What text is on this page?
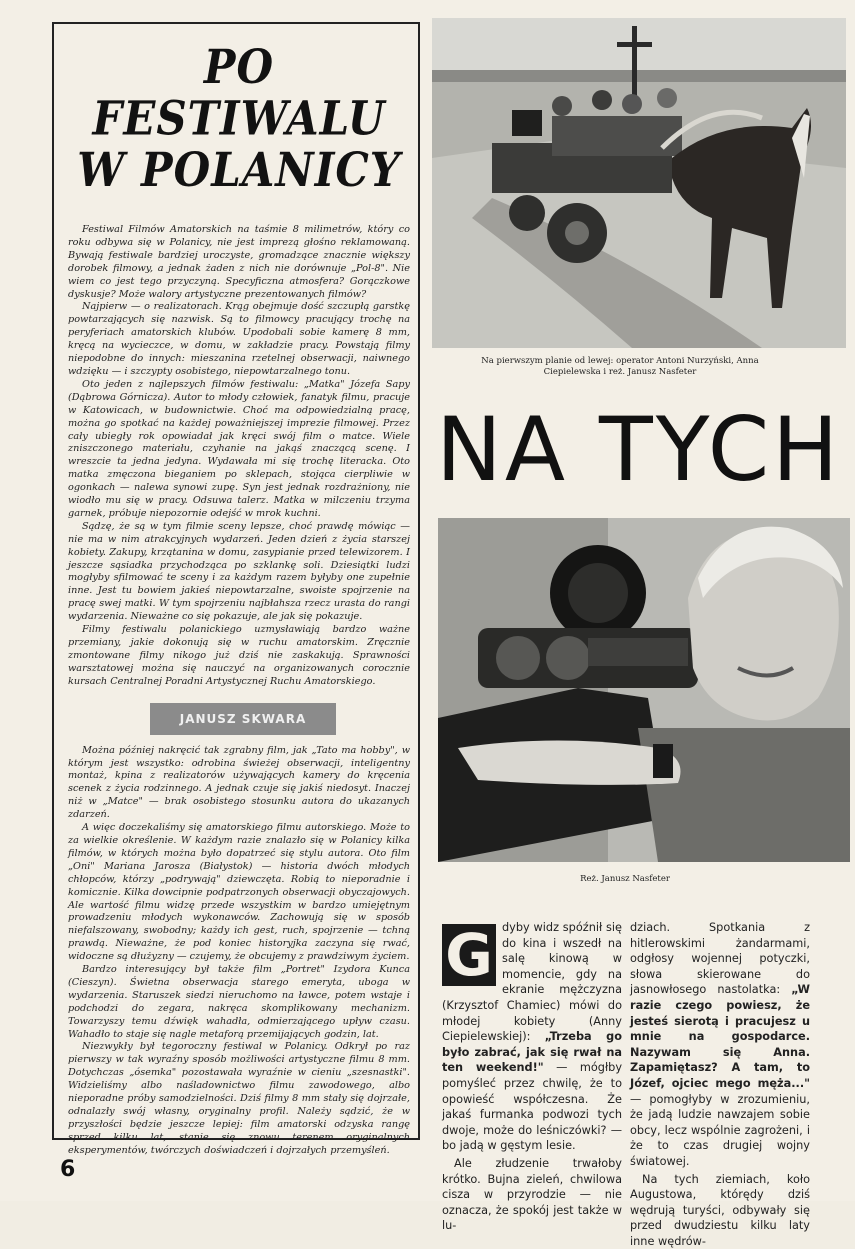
PO FESTIWALU
W POLANICY

Festiwal Filmów Amatorskich na taśmie 8 milimetrów, który co roku odbywa się w Polanicy, nie jest imprezą głośno reklamowaną. Bywają festiwale bardziej uroczyste, gromadzące znacznie większy dorobek filmowy, a jednak żaden z nich nie dorównuje „Pol-8". Nie wiem co jest tego przyczyną. Specyficzna atmosfera? Gorączkowe dyskusje? Może walory artystyczne prezentowanych filmów?

Najpierw — o realizatorach. Krąg obejmuje dość szczupłą garstkę powtarzających się nazwisk. Są to filmowcy pracujący trochę na peryferiach amatorskich klubów. Upodobali sobie kamerę 8 mm, kręcą na wycieczce, w domu, w zakładzie pracy. Powstają filmy niepodobne do innych: mieszanina rzetelnej obserwacji, naiwnego wdzięku — i szczypty osobistego, niepowtarzalnego tonu.

Oto jeden z najlepszych filmów festiwalu: „Matka" Józefa Sapy (Dąbrowa Górnicza). Autor to młody człowiek, fanatyk filmu, pracuje w Katowicach, w budownictwie. Choć ma odpowiedzialną pracę, można go spotkać na każdej poważniejszej imprezie filmowej. Przez cały ubiegły rok opowiadał jak kręci swój film o matce. Wiele zniszczonego materiału, czyhanie na jakąś znaczącą scenę. I wreszcie ta jedna jedyna. Wydawała mi się trochę literacka. Oto matka zmęczona bieganiem po sklepach, stojąca cierpliwie w ogonkach — nalewa synowi zupę. Syn jest jednak rozdrażniony, nie wiodło mu się w pracy. Odsuwa talerz. Matka w milczeniu trzyma garnek, próbuje niepozornie odejść w mrok kuchni.

Sądzę, że są w tym filmie sceny lepsze, choć prawdę mówiąc — nie ma w nim atrakcyjnych wydarzeń. Jeden dzień z życia starszej kobiety. Zakupy, krzątanina w domu, zasypianie przed telewizorem. I jeszcze sąsiadka przychodząca po szklankę soli. Dziesiątki ludzi mogłyby sfilmować te sceny i za każdym razem byłyby one zupełnie inne. Jest tu bowiem jakieś niepowtarzalne, swoiste spojrzenie na pracę swej matki. W tym spojrzeniu najbłahsza rzecz urasta do rangi wydarzenia. Nieważne co się pokazuje, ale jak się pokazuje.

Filmy festiwalu polanickiego uzmysławiają bardzo ważne przemiany, jakie dokonują się w ruchu amatorskim. Zręcznie zmontowane filmy nikogo już dziś nie zaskakują. Sprawności warsztatowej można się nauczyć na organizowanych corocznie kursach Centralnej Poradni Artystycznej Ruchu Amatorskiego.

JANUSZ SKWARA

Można później nakręcić tak zgrabny film, jak „Tato ma hobby", w którym jest wszystko: odrobina świeżej obserwacji, inteligentny montaż, kpina z realizatorów używających kamery do kręcenia scenek z życia rodzinnego. A jednak czuje się jakiś niedosyt. Inaczej niż w „Matce" — brak osobistego stosunku autora do ukazanych zdarzeń.

A więc doczekaliśmy się amatorskiego filmu autorskiego. Może to za wielkie określenie. W każdym razie znalazło się w Polanicy kilka filmów, w których można było dopatrzeć się stylu autora. Oto film „Oni" Mariana Jarosza (Białystok) — historia dwóch młodych chłopców, którzy „podrywają" dziewczęta. Robią to nieporadnie i komicznie. Kilka dowcipnie podpatrzonych obserwacji obyczajowych. Ale wartość filmu widzę przede wszystkim w bardzo umiejętnym prowadzeniu młodych wykonawców. Zachowują się w sposób niefalszowany, swobodny; każdy ich gest, ruch, spojrzenie — tchną prawdą. Nieważne, że pod koniec historyjka zaczyna się rwać, widoczne są dłużyzny — czujemy, że obcujemy z prawdziwym życiem.

Bardzo interesujący był także film „Portret" Izydora Kunca (Cieszyn). Świetna obserwacja starego emeryta, uboga w wydarzenia. Staruszek siedzi nieruchomo na ławce, potem wstaje i podchodzi do zegara, nakręca skomplikowany mechanizm. Towarzyszy temu dźwięk wahadła, odmierzającego upływ czasu. Wahadło to staje się nagle metaforą przemijających godzin, lat.

Niezwykły był tegoroczny festiwal w Polanicy. Odkrył po raz pierwszy w tak wyraźny sposób możliwości artystyczne filmu 8 mm. Dotychczas „ósemka" pozostawała wyraźnie w cieniu „szesnastki". Widzieliśmy albo naśladownictwo filmu zawodowego, albo nieporadne próby samodzielności. Dziś filmy 8 mm stały się dojrzałe, odnalazły swój własny, oryginalny profil. Należy sądzić, że w przyszłości będzie jeszcze lepiej: film amatorski odzyska rangę sprzed kilku lat, stanie się znowu terenem oryginalnych eksperymentów, twórczych doświadczeń i dojrzałych przemyśleń.

Na pierwszym planie od lewej: operator Antoni Nurzyński, Anna Ciepielewska i reż. Janusz Nasfeter
NA TYCH
Reż. Janusz Nasfeter
G dyby widz spóźnił się do kina i wszedł na salę kinową w momencie, gdy na ekranie mężczyzna (Krzysztof Chamiec) mówi do młodej kobiety (Anny Ciepielewskiej): „Trzeba go było zabrać, jak się rwał na ten weekend!" — mógłby pomyśleć przez chwilę, że to opowieść współczesna. Że jakaś furmanka podwozi tych dwoje, może do leśniczówki? — bo jadą w gęstym lesie.

Ale złudzenie trwałoby krótko. Bujna zieleń, chwilowa cisza w przyrodzie — nie oznacza, że spokój jest także w lu-

dziach. Spotkania z hitlerowskimi żandarmami, odgłosy wojennej potyczki, słowa skierowane do jasnowłosego nastolatka: „W razie czego powiesz, że jesteś sierotą i pracujesz u mnie na gospodarce. Nazywam się Anna. Zapamiętasz? A tam, to Józef, ojciec mego męża..." — pomogłyby w zrozumieniu, że jadą ludzie nawzajem sobie obcy, lecz wspólnie zagrożeni, i że to czas drugiej wojny światowej.

Na tych ziemiach, koło Augustowa, którędy dziś wędrują turyści, odbywały się przed dwudziestu kilku laty inne wędrów-

6
